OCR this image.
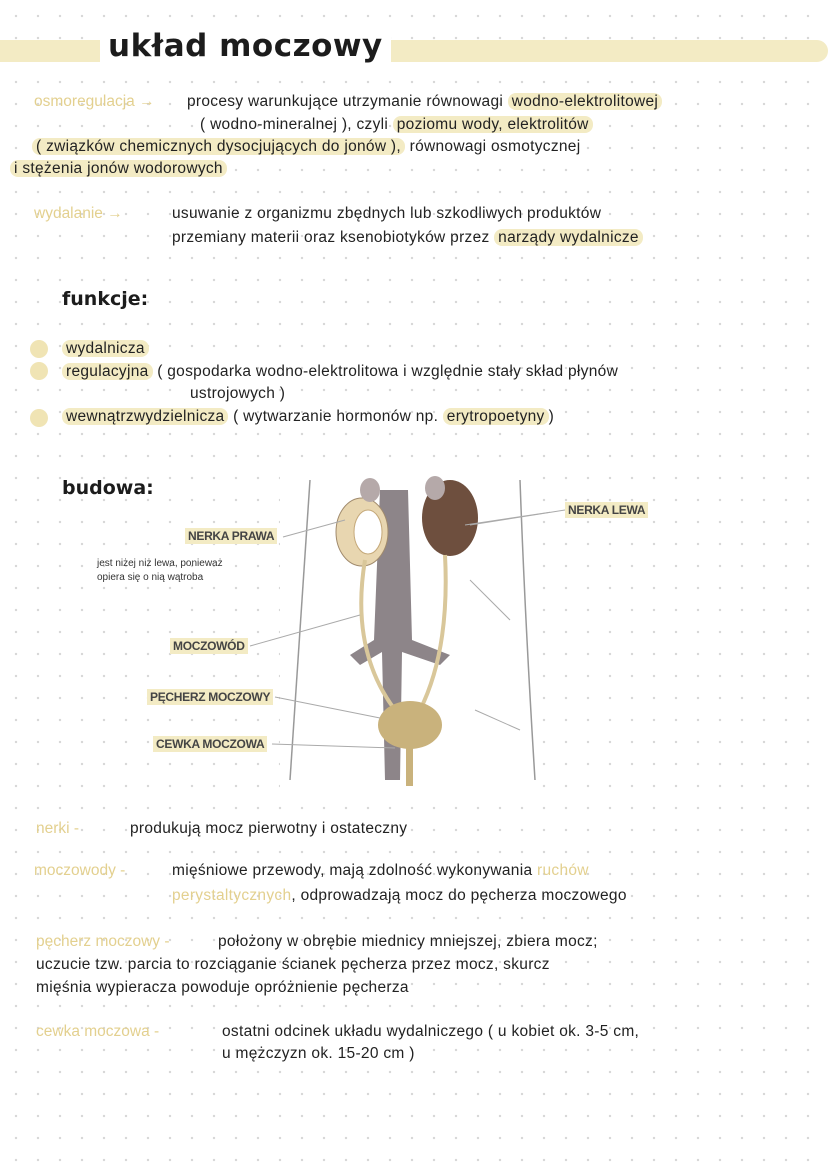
układ moczowy
osmoregulacja → procesy warunkujące utrzymanie równowagi wodno-elektrolitowej
( wodno-mineralnej ), czyli poziomu wody, elektrolitów
( związków chemicznych dysocjujących do jonów ), równowagi osmotycznej
i stężenia jonów wodorowych
wydalanie →	usuwanie z organizmu zbędnych lub szkodliwych produktów
przemiany materii oraz ksenobiotyków przez narządy wydalnicze
funkcje:
wydalnicza
regulacyjna ( gospodarka wodno-elektrolitowa i względnie stały skład płynów
ustrojowych )
wewnątrzwydzielnicza ( wytwarzanie hormonów np. erytropoetyny )
budowa:
NERKA PRAWA
NERKA LEWA
jest niżej niż lewa, ponieważ
opiera się o nią wątroba
MOCZOWÓD
PĘCHERZ MOCZOWY
CEWKA MOCZOWA
nerki -	produkują mocz pierwotny i ostateczny
moczowody -	mięśniowe przewody, mają zdolność wykonywania ruchów
perystaltycznych, odprowadzają mocz do pęcherza moczowego
pęcherz moczowy -	położony w obrębie miednicy mniejszej, zbiera mocz;
uczucie tzw. parcia to rozciąganie ścianek pęcherza przez mocz, skurcz
mięśnia wypieracza powoduje opróżnienie pęcherza
cewka moczowa -	ostatni odcinek układu wydalniczego ( u kobiet ok. 3-5 cm,
u mężczyzn ok. 15-20 cm )
